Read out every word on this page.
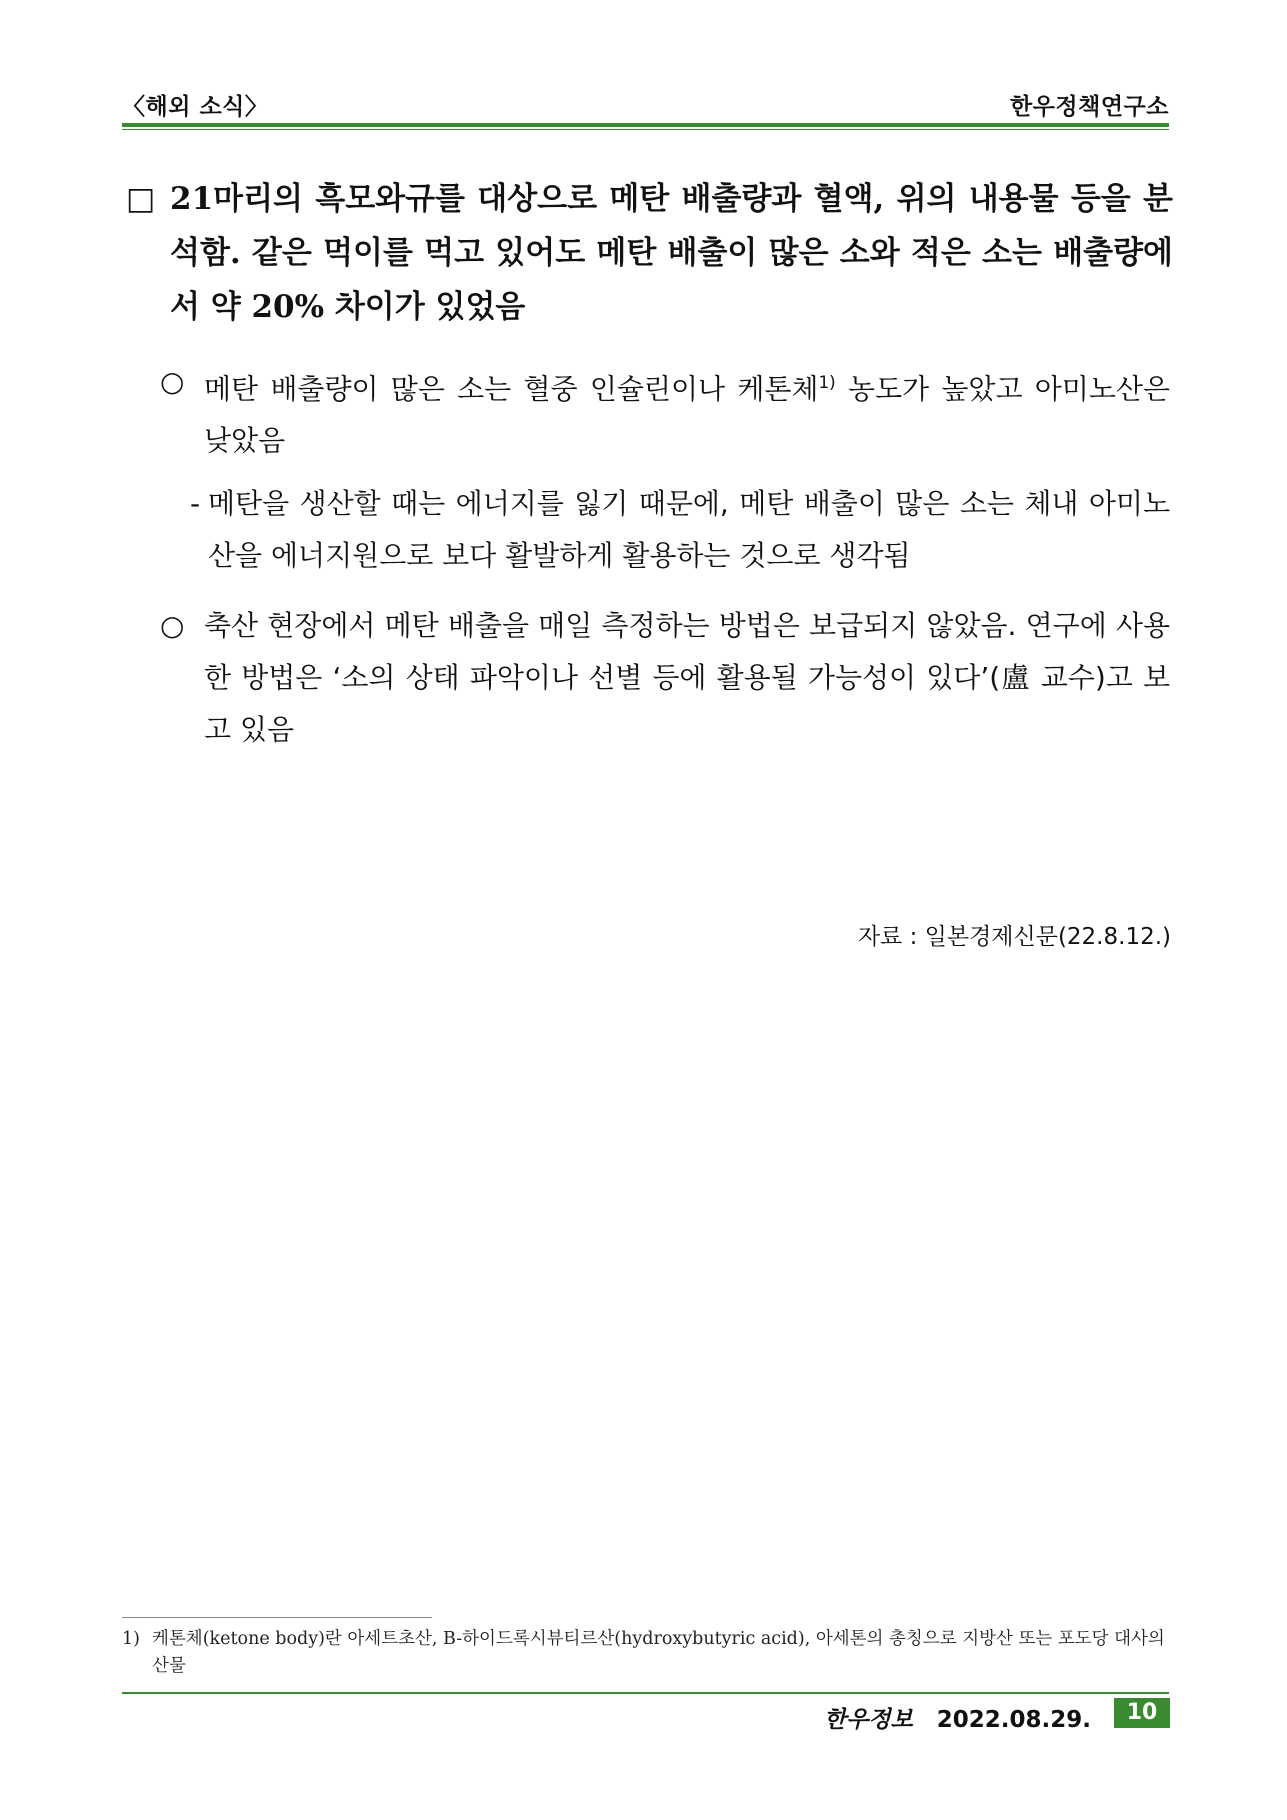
〈해외 소식〉	한우정책연구소
□ 21마리의 흑모와규를 대상으로 메탄 배출량과 혈액, 위의 내용물 등을 분석함. 같은 먹이를 먹고 있어도 메탄 배출이 많은 소와 적은 소는 배출량에서 약 20% 차이가 있었음
○ 메탄 배출량이 많은 소는 혈중 인슐린이나 케톤체$^{1)}$ 농도가 높았고 아미노산은 낮았음
- 메탄을 생산할 때는 에너지를 잃기 때문에, 메탄 배출이 많은 소는 체내 아미노산을 에너지원으로 보다 활발하게 활용하는 것으로 생각됨
○ 축산 현장에서 메탄 배출을 매일 측정하는 방법은 보급되지 않았음. 연구에 사용한 방법은 ‘소의 상태 파악이나 선별 등에 활용될 가능성이 있다’(盧 교수)고 보고 있음
자료 : 일본경제신문(22.8.12.)
1) 케톤체(ketone body)란 아세트초산, B-하이드록시뷰티르산(hydroxybutyric acid), 아세톤의 총칭으로 지방산 또는 포도당 대사의 산물
한우정보 2022.08.29.	10
